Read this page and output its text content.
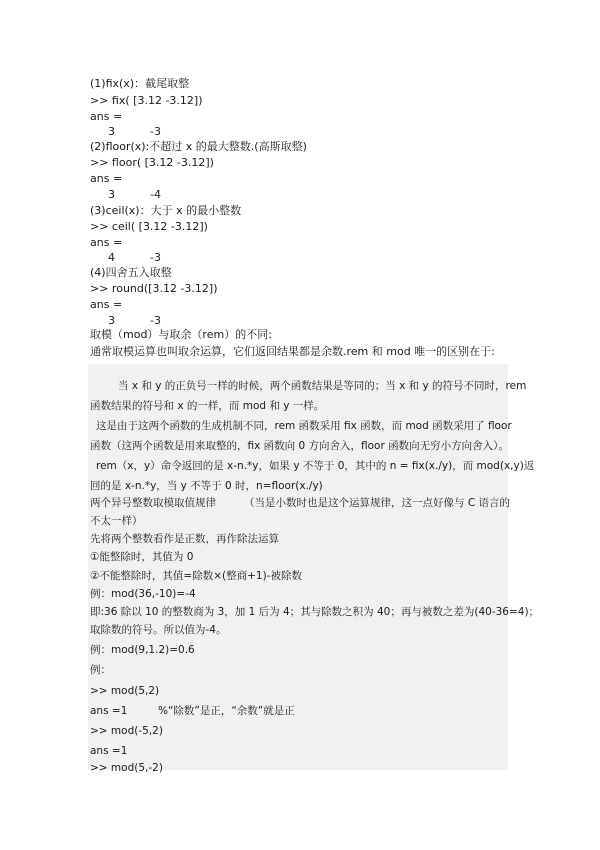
(1)fix(x)：截尾取整
>> fix( [3.12 -3.12])
ans =
3	-3
(2)floor(x):不超过 x 的最大整数.(高斯取整)
>> floor( [3.12 -3.12])
ans =
3	-4
(3)ceil(x)：大于 x 的最小整数
>> ceil( [3.12 -3.12])
ans =
4	-3
(4)四舍五入取整
>> round([3.12 -3.12])
ans =
3	-3
取模（mod）与取余（rem）的不同:
通常取模运算也叫取余运算，它们返回结果都是余数.rem 和 mod 唯一的区别在于:
当 x 和 y 的正负号一样的时候，两个函数结果是等同的；当 x 和 y 的符号不同时，rem
函数结果的符号和 x 的一样，而 mod 和 y 一样。
这是由于这两个函数的生成机制不同，rem 函数采用 fix 函数，而 mod 函数采用了 floor
函数（这两个函数是用来取整的，fix 函数向 0 方向舍入，floor 函数向无穷小方向舍入）。
rem（x，y）命令返回的是 x-n.*y，如果 y 不等于 0，其中的 n = fix(x./y)，而 mod(x,y)返
回的是 x-n.*y，当 y 不等于 0 时，n=floor(x./y)
两个异号整数取模取值规律	（当是小数时也是这个运算规律，这一点好像与 C 语言的
不太一样）
先将两个整数看作是正数，再作除法运算
①能整除时，其值为 0
②不能整除时，其值=除数×(整商+1)-被除数
例：mod(36,-10)=-4
即:36 除以 10 的整数商为 3，加 1 后为 4；其与除数之积为 40；再与被数之差为(40-36=4)；
取除数的符号。所以值为-4。
例：mod(9,1.2)=0.6
例：
>> mod(5,2)
ans =1	%“除数”是正，“余数”就是正
>> mod(-5,2)
ans =1
>> mod(5,-2)
